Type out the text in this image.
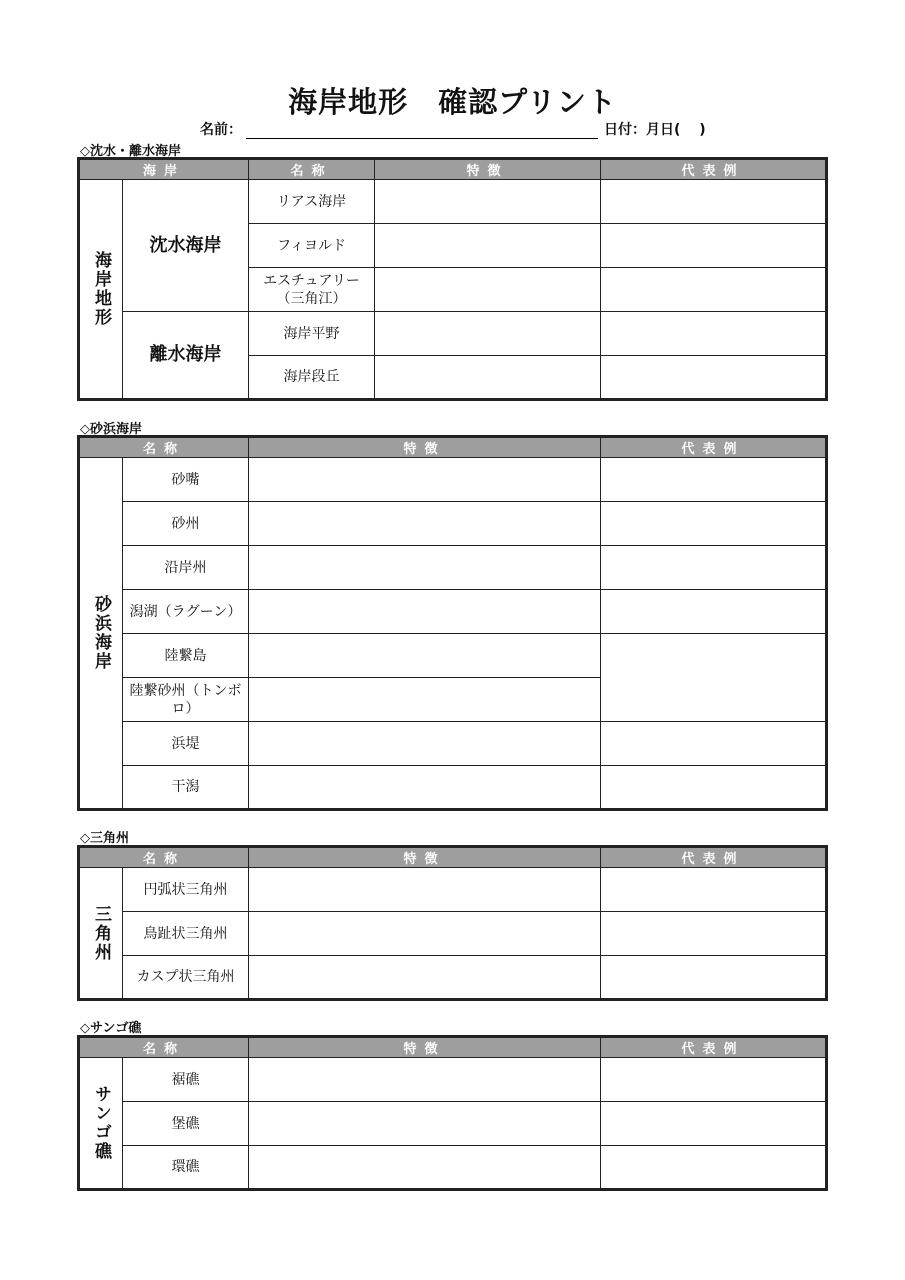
海岸地形　確認プリント
名前：	日付： 月 日(　 )
◇沈水・離水海岸
海岸		名称	特徴	代表例
海岸地形	沈水海岸	リアス海岸		
		フィヨルド		
		エスチュアリー（三角江）		
	離水海岸	海岸平野		
		海岸段丘		
◇砂浜海岸
名称		特徴	代表例
砂浜海岸	砂嘴		
	砂州		
	沿岸州		
	潟湖（ラグーン）		
	陸繋島		
	陸繋砂州（トンボロ）		
	浜堤		
	干潟		
◇三角州
名称		特徴	代表例
三角州	円弧状三角州		
	鳥趾状三角州		
	カスプ状三角州		
◇サンゴ礁
名称		特徴	代表例
サンゴ礁	裾礁		
	堡礁		
	環礁		
